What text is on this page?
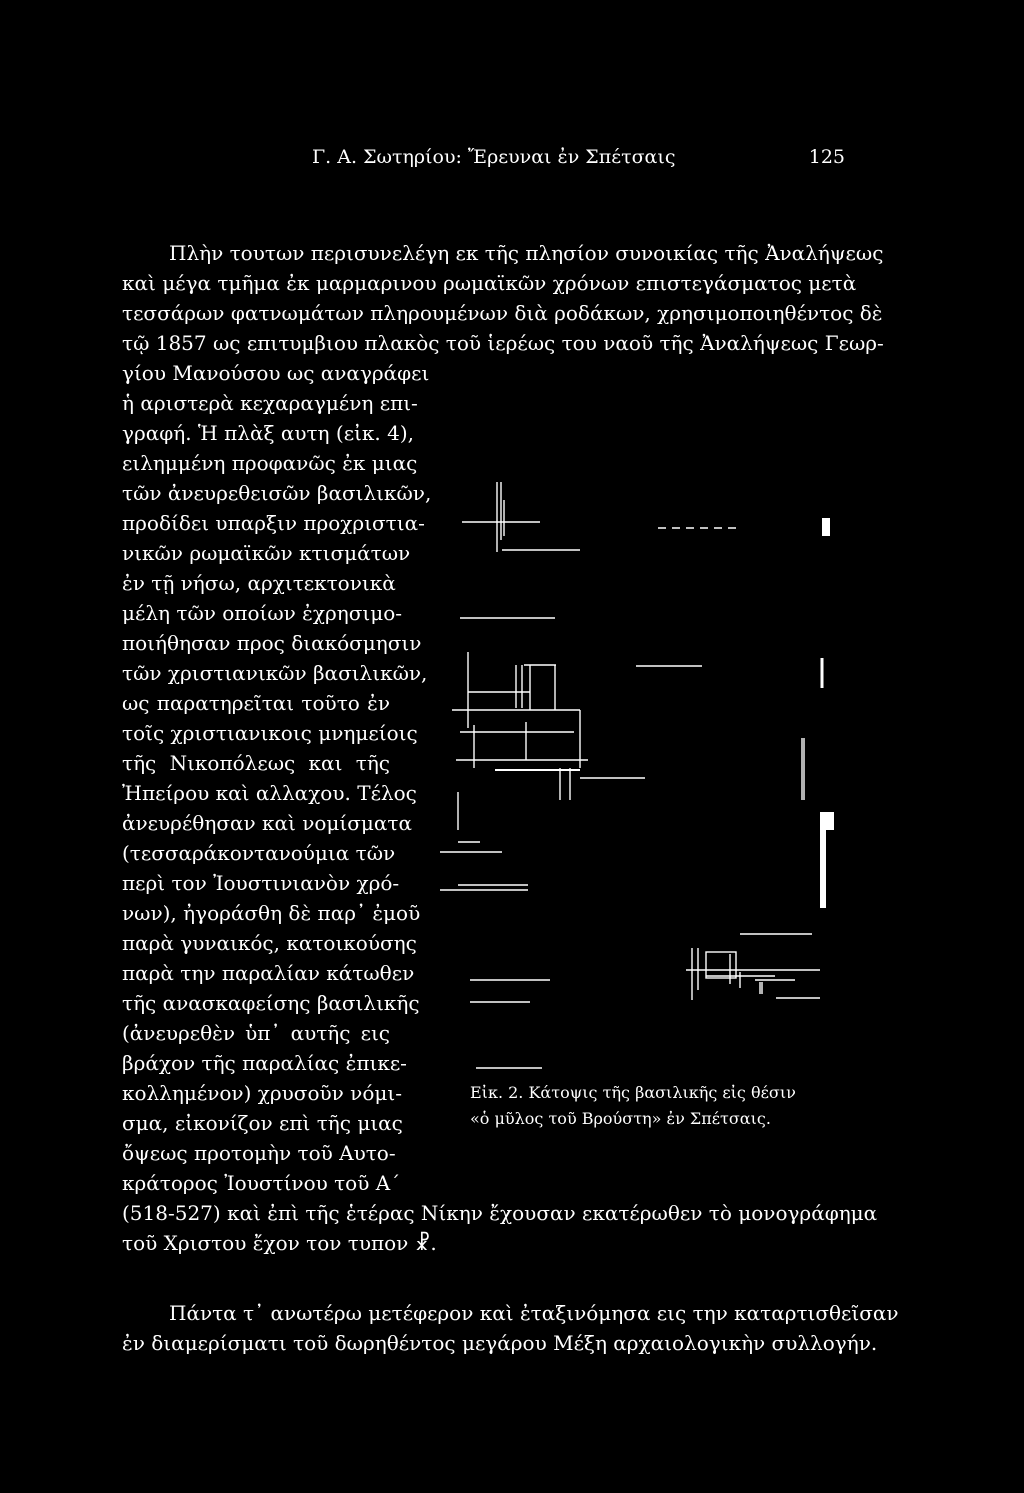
Γ. Α. Σωτηρίου: Ἔρευναι ἐν Σπέτσαις	125
Πλὴν τουτων περισυνελέγη εκ τῆς πλησίον συνοικίας τῆς Ἀναλήψεως
καὶ μέγα τμῆμα ἐκ μαρμαρινου ρωμαϊκῶν χρόνων επιστεγάσματος μετὰ
τεσσάρων φατνωμάτων πληρουμένων διὰ ροδάκων, χρησιμοποιηθέντος δὲ
τῷ 1857 ως επιτυμβιου πλακὸς τοῦ ἱερέως του ναοῦ τῆς Ἀναλήψεως Γεωρ-
γίου Μανούσου ως αναγράφει
ἡ αριστερὰ κεχαραγμένη επι-
γραφή. Ἡ πλὰξ αυτη (εἰκ. 4),
ειλημμένη προφανῶς ἐκ μιας
τῶν ἀνευρεθεισῶν βασιλικῶν,
προδίδει υπαρξιν προχριστια-
νικῶν ρωμαϊκῶν κτισμάτων
ἐν τῇ νήσω, αρχιτεκτονικὰ
μέλη τῶν οποίων ἐχρησιμο-
ποιήθησαν προς διακόσμησιν
τῶν χριστιανικῶν βασιλικῶν,
ως παρατηρεῖται τοῦτο ἐν
τοῖς χριστιανικοις μνημείοις
τῆς Νικοπόλεως και τῆς
Ἠπείρου καὶ αλλαχου. Τέλος
ἀνευρέθησαν καὶ νομίσματα
(τεσσαράκοντανούμια τῶν
περὶ τον Ἰουστινιανὸν χρό-
νων), ἠγοράσθη δὲ παρ᾽ ἐμοῦ
παρὰ γυναικός, κατοικούσης
παρὰ την παραλίαν κάτωθεν
τῆς ανασκαφείσης βασιλικῆς
(ἀνευρεθὲν ὑπ᾽ αυτῆς εις
βράχον τῆς παραλίας ἐπικε-
κολλημένον) χρυσοῦν νόμι-
σμα, εἰκονίζον επὶ τῆς μιας
ὄψεως προτομὴν τοῦ Αυτο-
κράτορος Ἰουστίνου τοῦ Α΄
(518-527) καὶ ἐπὶ τῆς ἑτέρας Νίκην ἔχουσαν εκατέρωθεν τὸ μονογράφημα
τοῦ Χριστου ἔχον τον τυπον ☧.
Πάντα τ᾽ ανωτέρω μετέφερον καὶ ἐταξινόμησα εις την καταρτισθεῖσαν
ἐν διαμερίσματι τοῦ δωρηθέντος μεγάρου Μέξη αρχαιολογικὴν συλλογήν.
Εἰκ. 2. Κάτοψις τῆς βασιλικῆς εἰς θέσιν
«ὁ μῦλος τοῦ Βρούστη» ἐν Σπέτσαις.
